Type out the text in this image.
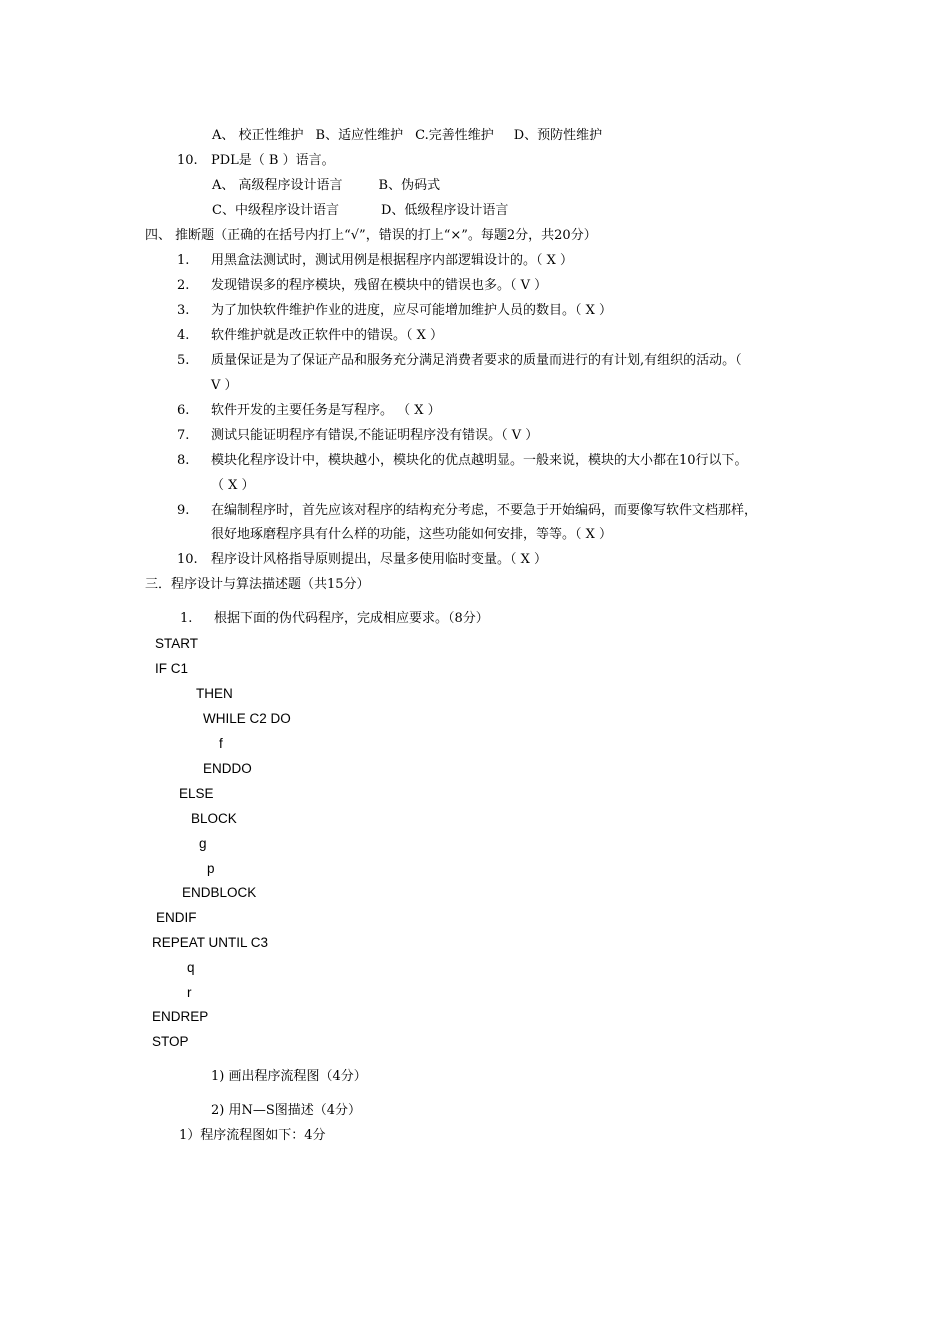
A、 校正性维护 B、适应性维护 C.完善性维护 D、预防性维护
10. PDL是（ B ）语言。
A、 高级程序设计语言	B、伪码式
C、中级程序设计语言	D、低级程序设计语言
四、 推断题（正确的在括号内打上“√”，错误的打上“×”。每题2分，共20分）
1. 用黑盒法测试时，测试用例是根据程序内部逻辑设计的。（ X ）
2. 发现错误多的程序模块，残留在模块中的错误也多。（ V ）
3. 为了加快软件维护作业的进度，应尽可能增加维护人员的数目。（ X ）
4. 软件维护就是改正软件中的错误。（ X ）
5. 质量保证是为了保证产品和服务充分满足消费者要求的质量而进行的有计划,有组织的活动。（
V ）
6. 软件开发的主要任务是写程序。 （ X ）
7. 测试只能证明程序有错误,不能证明程序没有错误。（ V ）
8. 模块化程序设计中，模块越小，模块化的优点越明显。一般来说，模块的大小都在10行以下。
（ X ）
9. 在编制程序时，首先应该对程序的结构充分考虑，不要急于开始编码，而要像写软件文档那样，
很好地琢磨程序具有什么样的功能，这些功能如何安排，等等。（ X ）
10. 程序设计风格指导原则提出，尽量多使用临时变量。（ X ）
三．程序设计与算法描述题（共15分）
1. 根据下面的伪代码程序，完成相应要求。（8分）
START
IF C1
THEN
WHILE C2 DO
f
ENDDO
ELSE
BLOCK
g
p
ENDBLOCK
ENDIF
REPEAT UNTIL C3
q
r
ENDREP
STOP
1) 画出程序流程图（4分）
2) 用N—S图描述（4分）
1）程序流程图如下：4分
